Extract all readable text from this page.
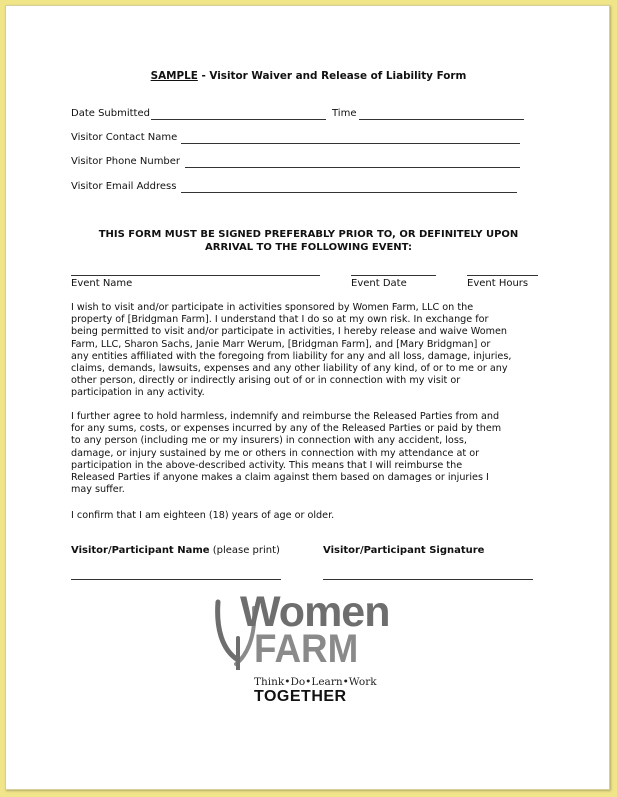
SAMPLE - Visitor Waiver and Release of Liability Form
Date Submitted	Time
Visitor Contact Name
Visitor Phone Number
Visitor Email Address
THIS FORM MUST BE SIGNED PREFERABLY PRIOR TO, OR DEFINITELY UPON
ARRIVAL TO THE FOLLOWING EVENT:
Event Name	Event Date	Event Hours
I wish to visit and/or participate in activities sponsored by Women Farm, LLC on the
property of [Bridgman Farm]. I understand that I do so at my own risk. In exchange for
being permitted to visit and/or participate in activities, I hereby release and waive Women
Farm, LLC, Sharon Sachs, Janie Marr Werum, [Bridgman Farm], and [Mary Bridgman] or
any entities affiliated with the foregoing from liability for any and all loss, damage, injuries,
claims, demands, lawsuits, expenses and any other liability of any kind, of or to me or any
other person, directly or indirectly arising out of or in connection with my visit or
participation in any activity.
I further agree to hold harmless, indemnify and reimburse the Released Parties from and
for any sums, costs, or expenses incurred by any of the Released Parties or paid by them
to any person (including me or my insurers) in connection with any accident, loss,
damage, or injury sustained by me or others in connection with my attendance at or
participation in the above-described activity. This means that I will reimburse the
Released Parties if anyone makes a claim against them based on damages or injuries I
may suffer.
I confirm that I am eighteen (18) years of age or older.
Visitor/Participant Name (please print)	Visitor/Participant Signature
Women
FARM
Think•Do•Learn•Work
TOGETHER
